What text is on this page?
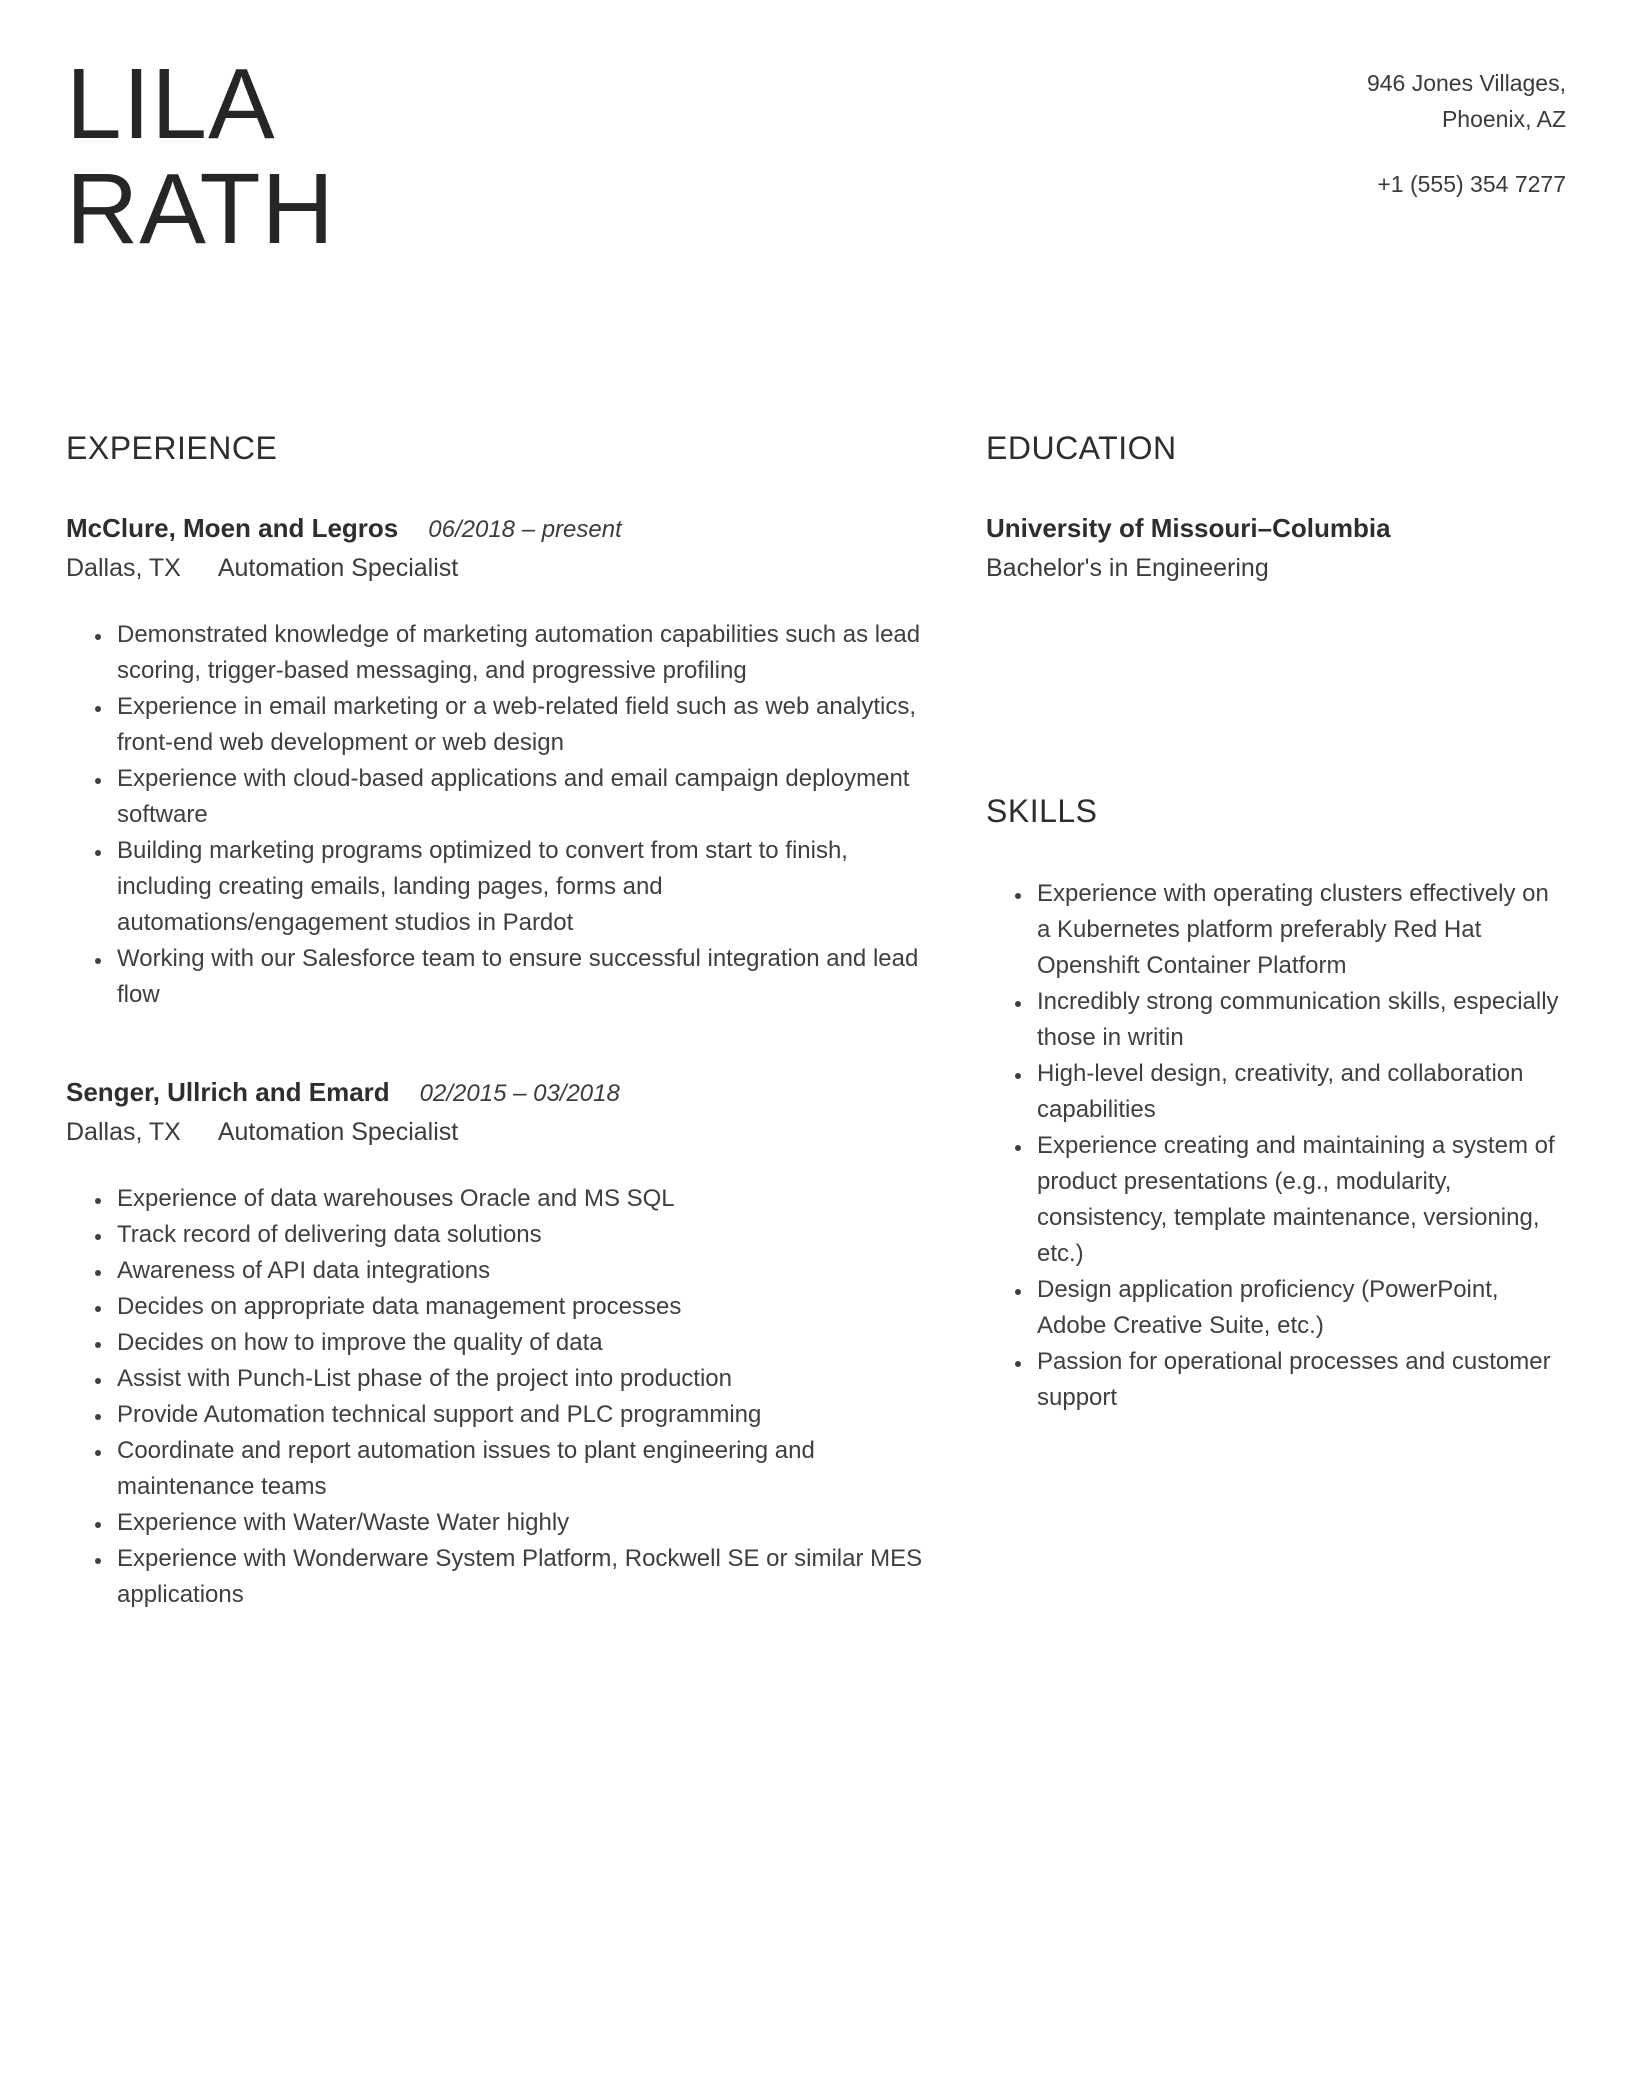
LILA
RATH
946 Jones Villages,
Phoenix, AZ
+1 (555) 354 7277
EXPERIENCE
McClure, Moen and Legros 06/2018 – present
Dallas, TX Automation Specialist
• Demonstrated knowledge of marketing automation capabilities such as lead scoring, trigger-based messaging, and progressive profiling
• Experience in email marketing or a web-related field such as web analytics, front-end web development or web design
• Experience with cloud-based applications and email campaign deployment software
• Building marketing programs optimized to convert from start to finish, including creating emails, landing pages, forms and automations/engagement studios in Pardot
• Working with our Salesforce team to ensure successful integration and lead flow
Senger, Ullrich and Emard 02/2015 – 03/2018
Dallas, TX Automation Specialist
• Experience of data warehouses Oracle and MS SQL
• Track record of delivering data solutions
• Awareness of API data integrations
• Decides on appropriate data management processes
• Decides on how to improve the quality of data
• Assist with Punch-List phase of the project into production
• Provide Automation technical support and PLC programming
• Coordinate and report automation issues to plant engineering and maintenance teams
• Experience with Water/Waste Water highly
• Experience with Wonderware System Platform, Rockwell SE or similar MES applications
EDUCATION
University of Missouri–Columbia
Bachelor's in Engineering
SKILLS
• Experience with operating clusters effectively on a Kubernetes platform preferably Red Hat Openshift Container Platform
• Incredibly strong communication skills, especially those in writin
• High-level design, creativity, and collaboration capabilities
• Experience creating and maintaining a system of product presentations (e.g., modularity, consistency, template maintenance, versioning, etc.)
• Design application proficiency (PowerPoint, Adobe Creative Suite, etc.)
• Passion for operational processes and customer support
